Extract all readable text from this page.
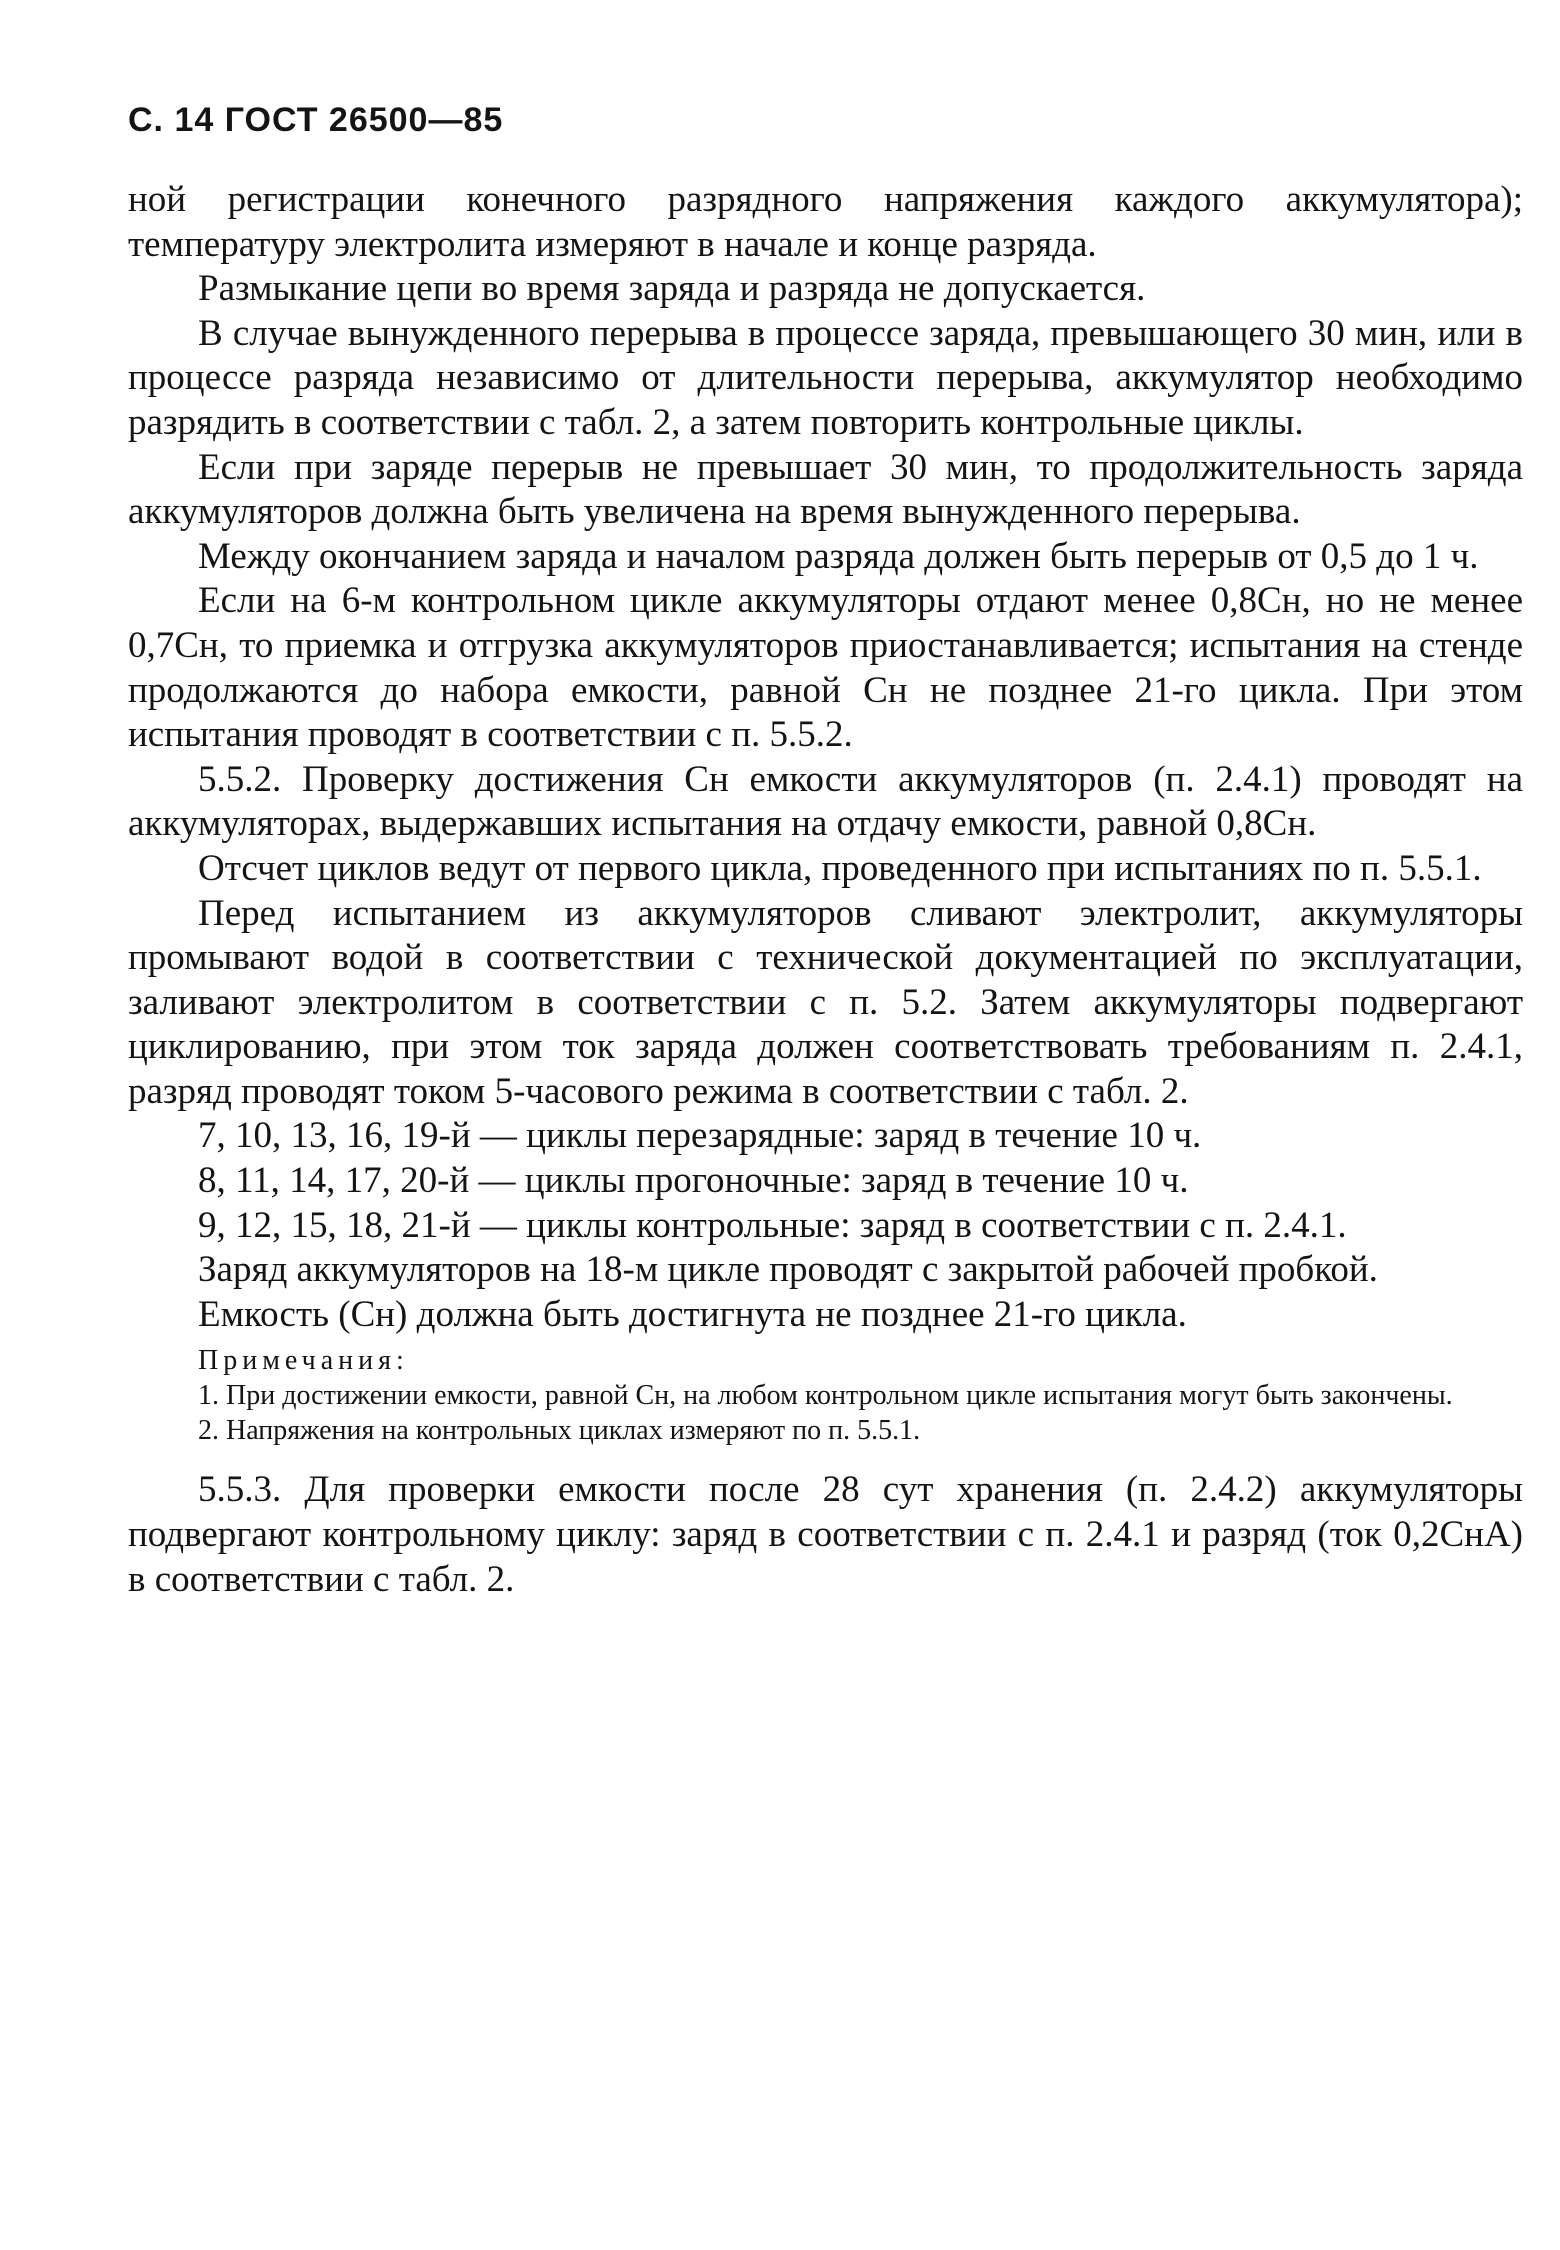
С. 14 ГОСТ 26500—85

ной регистрации конечного разрядного напряжения каждого аккумулятора); температуру электролита измеряют в начале и конце разряда.

Размыкание цепи во время заряда и разряда не допускается.

В случае вынужденного перерыва в процессе заряда, превышающего 30 мин, или в процессе разряда независимо от длительности перерыва, аккумулятор необходимо разрядить в соответствии с табл. 2, а затем повторить контрольные циклы.

Если при заряде перерыв не превышает 30 мин, то продолжительность заряда аккумуляторов должна быть увеличена на время вынужденного перерыва.

Между окончанием заряда и началом разряда должен быть перерыв от 0,5 до 1 ч.

Если на 6-м контрольном цикле аккумуляторы отдают менее 0,8Сн, но не менее 0,7Сн, то приемка и отгрузка аккумуляторов приостанавливается; испытания на стенде продолжаются до набора емкости, равной Сн не позднее 21-го цикла. При этом испытания проводят в соответствии с п. 5.5.2.

5.5.2. Проверку достижения Сн емкости аккумуляторов (п. 2.4.1) проводят на аккумуляторах, выдержавших испытания на отдачу емкости, равной 0,8Сн.

Отсчет циклов ведут от первого цикла, проведенного при испытаниях по п. 5.5.1.

Перед испытанием из аккумуляторов сливают электролит, аккумуляторы промывают водой в соответствии с технической документацией по эксплуатации, заливают электролитом в соответствии с п. 5.2. Затем аккумуляторы подвергают циклированию, при этом ток заряда должен соответствовать требованиям п. 2.4.1, разряд проводят током 5-часового режима в соответствии с табл. 2.

7, 10, 13, 16, 19-й — циклы перезарядные: заряд в течение 10 ч.

8, 11, 14, 17, 20-й — циклы прогоночные: заряд в течение 10 ч.

9, 12, 15, 18, 21-й — циклы контрольные: заряд в соответствии с п. 2.4.1.

Заряд аккумуляторов на 18-м цикле проводят с закрытой рабочей пробкой.

Емкость (Сн) должна быть достигнута не позднее 21-го цикла.

Примечания:

1. При достижении емкости, равной Сн, на любом контрольном цикле испытания могут быть закончены.

2. Напряжения на контрольных циклах измеряют по п. 5.5.1.

5.5.3. Для проверки емкости после 28 сут хранения (п. 2.4.2) аккумуляторы подвергают контрольному циклу: заряд в соответствии с п. 2.4.1 и разряд (ток 0,2СнА) в соответствии с табл. 2.
